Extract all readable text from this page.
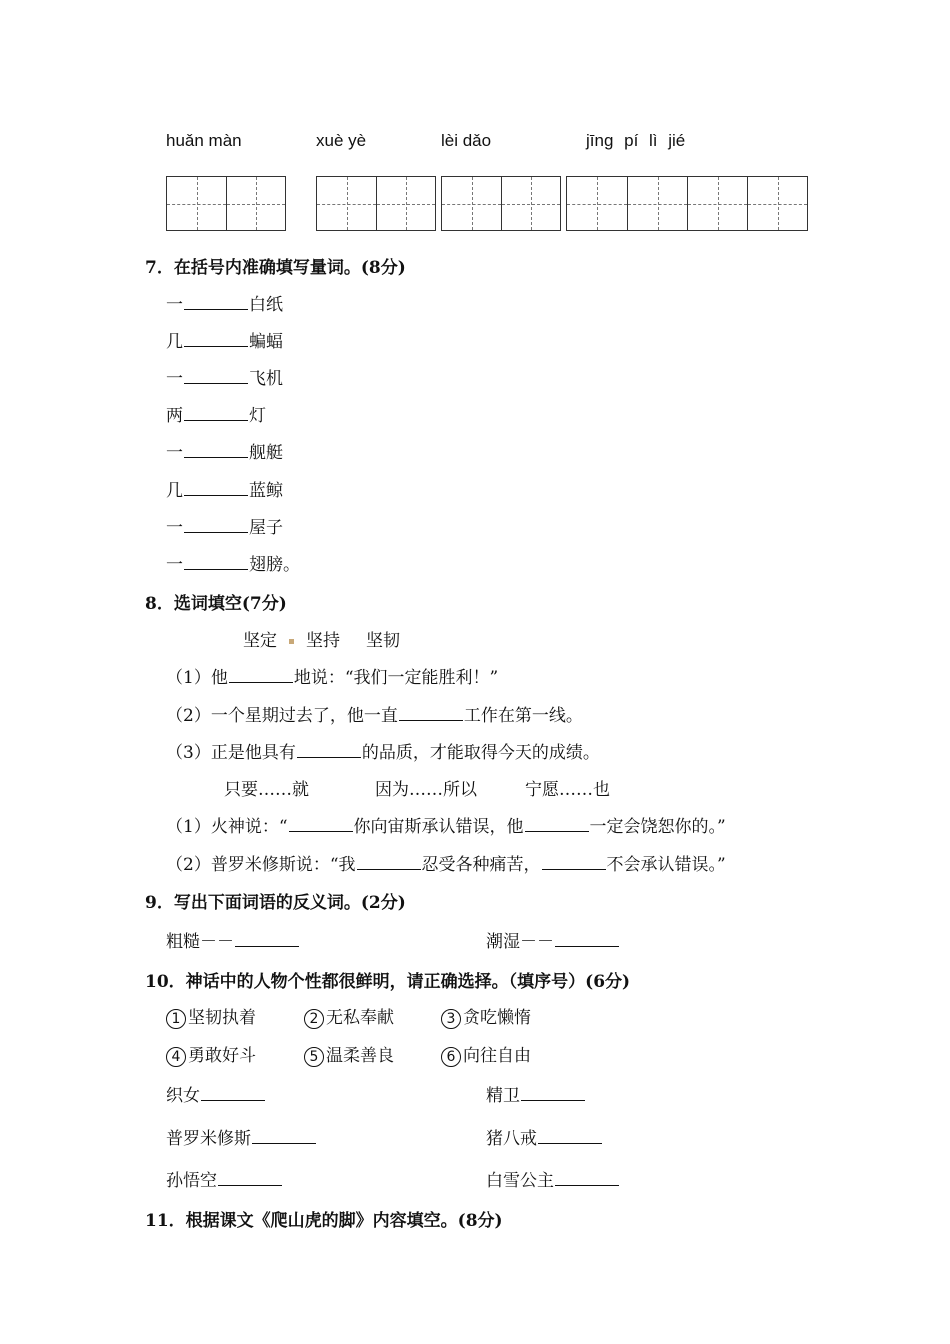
huǎn màn	xuè yè	lèi dǎo	jīng pí lì jié
7．在括号内准确填写量词。(8分)
一	白纸
几	蝙蝠
一	飞机
两	灯
一	舰艇
几	蓝鲸
一	屋子
一	翅膀。
8．选词填空(7分)
坚定 坚持 坚韧
（1）他	地说：“我们一定能胜利！”
（2）一个星期过去了，他一直	工作在第一线。
（3）正是他具有	的品质，才能取得今天的成绩。
只要……就	因为……所以	宁愿……也
（1）火神说：“	你向宙斯承认错误，他	一定会饶恕你的。”
（2）普罗米修斯说：“我	忍受各种痛苦，	不会承认错误。”
9．写出下面词语的反义词。(2分)
粗糙－－	潮湿－－
10．神话中的人物个性都很鲜明，请正确选择。（填序号）(6分)
1 坚韧执着	2 无私奉献	3 贪吃懒惰
4 勇敢好斗	5 温柔善良	6 向往自由
织女	精卫
普罗米修斯	猪八戒
孙悟空	白雪公主
11．根据课文《爬山虎的脚》内容填空。(8分)
